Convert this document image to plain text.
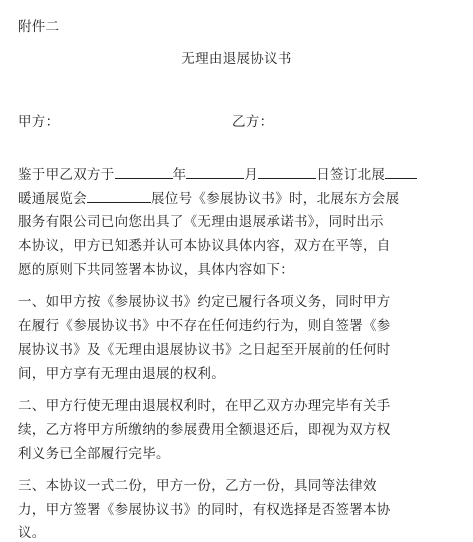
附件二
无理由退展协议书
甲方：	乙方：
鉴于甲乙双方于	年	月	日签订北展
暖通展览会	展位号《参展协议书》时，北展东方会展
服务有限公司已向您出具了《无理由退展承诺书》，同时出示
本协议，甲方已知悉并认可本协议具体内容，双方在平等，自
愿的原则下共同签署本协议，具体内容如下：
一、如甲方按《参展协议书》约定已履行各项义务，同时甲方
在履行《参展协议书》中不存在任何违约行为，则自签署《参
展协议书》及《无理由退展协议书》之日起至开展前的任何时
间，甲方享有无理由退展的权利。
二、甲方行使无理由退展权利时，在甲乙双方办理完毕有关手
续，乙方将甲方所缴纳的参展费用全额退还后，即视为双方权
利义务已全部履行完毕。
三、本协议一式二份，甲方一份，乙方一份，具同等法律效
力，甲方签署《参展协议书》的同时，有权选择是否签署本协
议。
